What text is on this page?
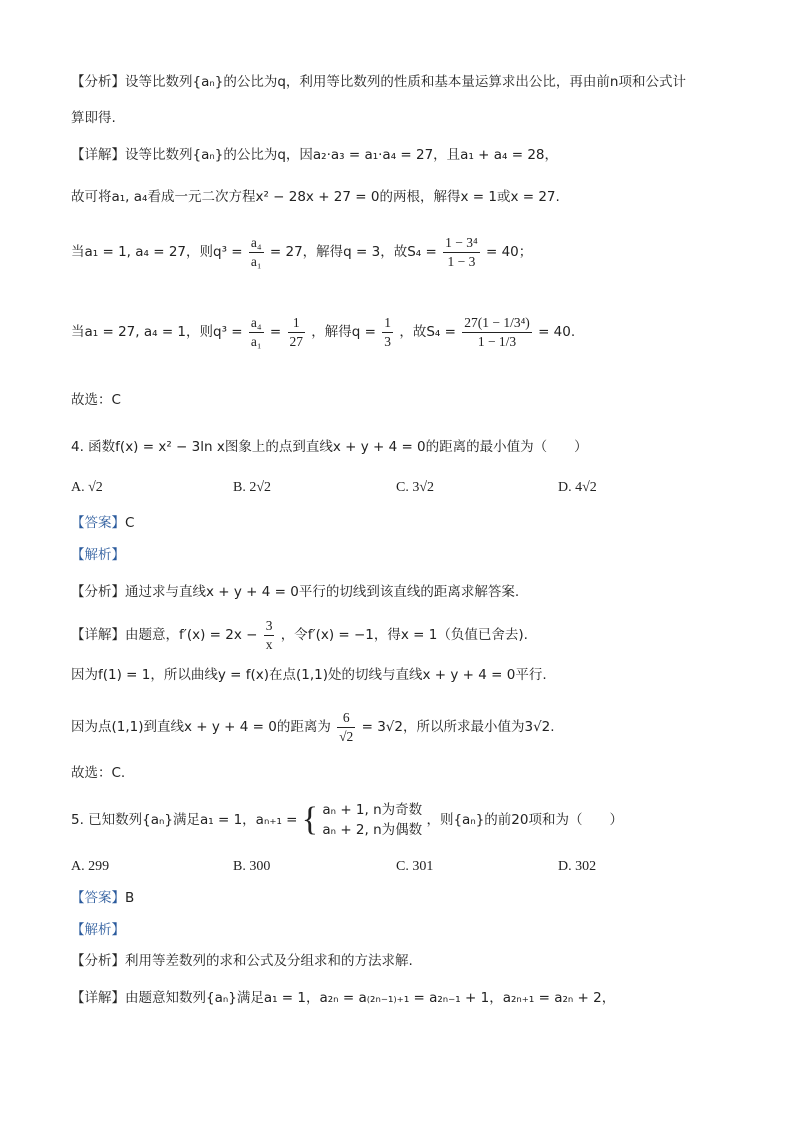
【分析】设等比数列{aₙ}的公比为q，利用等比数列的性质和基本量运算求出公比，再由前n项和公式计
算即得.
【详解】设等比数列{aₙ}的公比为q，因a₂·a₃ = a₁·a₄ = 27，且a₁ + a₄ = 28，
故可将a₁, a₄看成一元二次方程x² − 28x + 27 = 0的两根，解得x = 1或x = 27.
当a₁ = 1, a₄ = 27，则$q^3 = \frac{\text{a₄}}{\text{a₁}} = 27$，解得q = 3，故$S_4 = \frac{\text{1 − 3⁴}}{1 - 3} = 40$；
当a₁ = 27, a₄ = 1，则$q^3 = \frac{\text{a₄}}{\text{a₁}} = \frac{1}{27}$ ，解得$q = \frac{1}{3}$ ，故$S_4 = \frac{\text{27(1 − 1/3⁴)}}{1 - 1/3} = 40$.
故选：C
4. 函数f(x) = x² − 3ln x图象上的点到直线x + y + 4 = 0的距离的最小值为（　　）
A. √2	B. 2√2	C. 3√2	D. 4√2
【答案】C
【解析】
【分析】通过求与直线x + y + 4 = 0平行的切线到该直线的距离求解答案.
【详解】由题意，$f'(x) = 2x - \frac{3}{x}$ ，令f′(x) = −1，得x = 1（负值已舍去).
因为f(1) = 1，所以曲线y = f(x)在点(1,1)处的切线与直线x + y + 4 = 0平行.
因为点(1,1)到直线x + y + 4 = 0的距离为 $\frac{6}{√2} = 3√2$，所以所求最小值为3√2.
故选：C.
5. 已知数列{aₙ}满足a₁ = 1，aₙ₊₁ = { aₙ + 1, n为奇数
aₙ + 2, n为偶数
，则{aₙ}的前20项和为（　　）
A. 299	B. 300	C. 301	D. 302
【答案】B
【解析】
【分析】利用等差数列的求和公式及分组求和的方法求解.
【详解】由题意知数列{aₙ}满足a₁ = 1，a₂ₙ = a₍₂ₙ₋₁₎₊₁ = a₂ₙ₋₁ + 1，a₂ₙ₊₁ = a₂ₙ + 2，
